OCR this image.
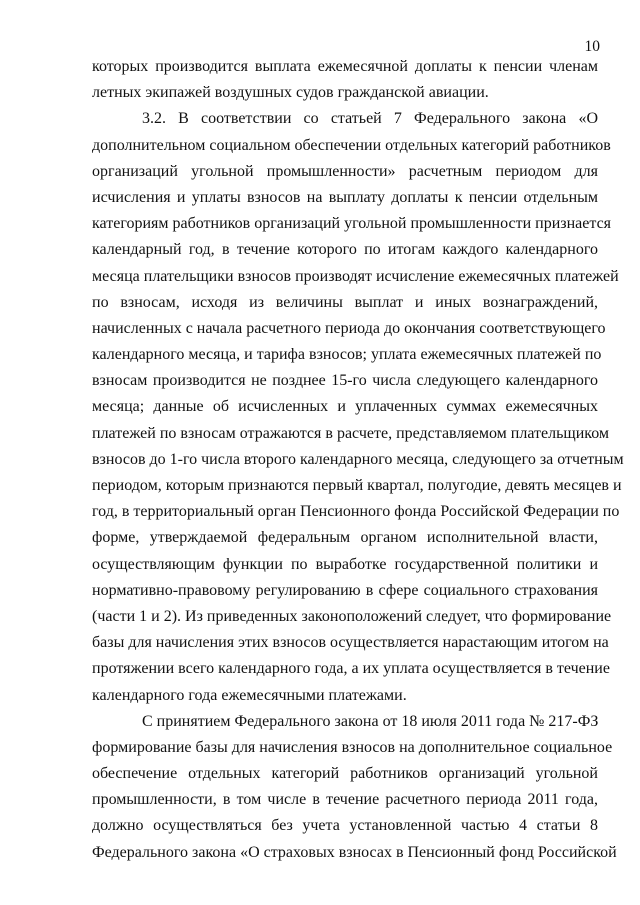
10
которых производится выплата ежемесячной доплаты к пенсии членам
летных экипажей воздушных судов гражданской авиации.
3.2. В соответствии со статьей 7 Федерального закона «О
дополнительном социальном обеспечении отдельных категорий работников
организаций угольной промышленности» расчетным периодом для
исчисления и уплаты взносов на выплату доплаты к пенсии отдельным
категориям работников организаций угольной промышленности признается
календарный год, в течение которого по итогам каждого календарного
месяца плательщики взносов производят исчисление ежемесячных платежей
по взносам, исходя из величины выплат и иных вознаграждений,
начисленных с начала расчетного периода до окончания соответствующего
календарного месяца, и тарифа взносов; уплата ежемесячных платежей по
взносам производится не позднее 15-го числа следующего календарного
месяца; данные об исчисленных и уплаченных суммах ежемесячных
платежей по взносам отражаются в расчете, представляемом плательщиком
взносов до 1-го числа второго календарного месяца, следующего за отчетным
периодом, которым признаются первый квартал, полугодие, девять месяцев и
год, в территориальный орган Пенсионного фонда Российской Федерации по
форме, утверждаемой федеральным органом исполнительной власти,
осуществляющим функции по выработке государственной политики и
нормативно-правовому регулированию в сфере социального страхования
(части 1 и 2). Из приведенных законоположений следует, что формирование
базы для начисления этих взносов осуществляется нарастающим итогом на
протяжении всего календарного года, а их уплата осуществляется в течение
календарного года ежемесячными платежами.
С принятием Федерального закона от 18 июля 2011 года № 217-ФЗ
формирование базы для начисления взносов на дополнительное социальное
обеспечение отдельных категорий работников организаций угольной
промышленности, в том числе в течение расчетного периода 2011 года,
должно осуществляться без учета установленной частью 4 статьи 8
Федерального закона «О страховых взносах в Пенсионный фонд Российской
